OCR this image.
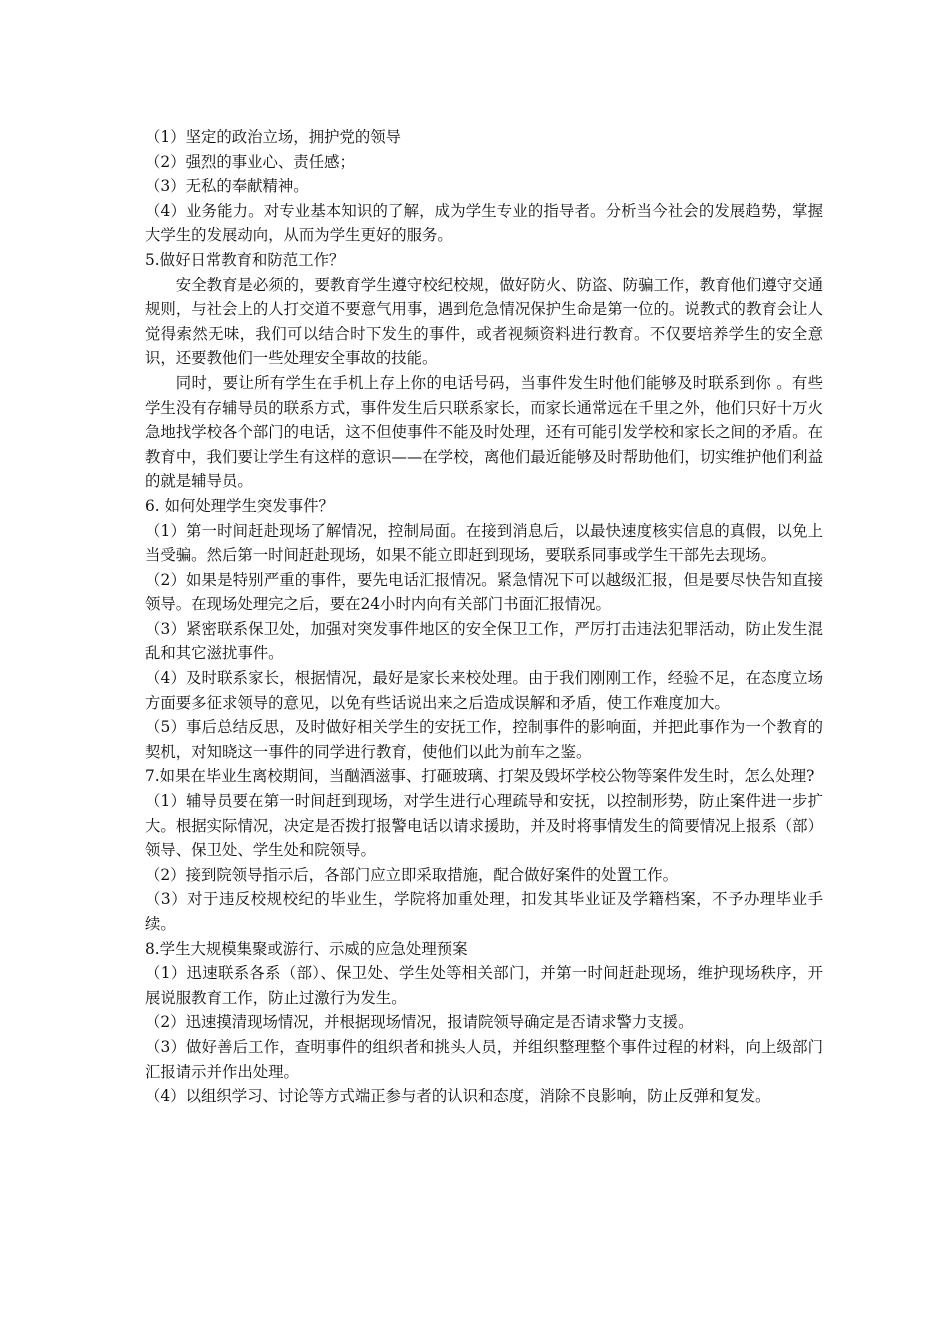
（1）坚定的政治立场，拥护党的领导

（2）强烈的事业心、责任感；

（3）无私的奉献精神。

（4）业务能力。对专业基本知识的了解，成为学生专业的指导者。分析当今社会的发展趋势，掌握大学生的发展动向，从而为学生更好的服务。

5.做好日常教育和防范工作？

安全教育是必须的，要教育学生遵守校纪校规，做好防火、防盗、防骗工作，教育他们遵守交通规则，与社会上的人打交道不要意气用事，遇到危急情况保护生命是第一位的。说教式的教育会让人觉得索然无味，我们可以结合时下发生的事件，或者视频资料进行教育。不仅要培养学生的安全意识，还要教他们一些处理安全事故的技能。

同时，要让所有学生在手机上存上你的电话号码，当事件发生时他们能够及时联系到你 。有些学生没有存辅导员的联系方式，事件发生后只联系家长，而家长通常远在千里之外，他们只好十万火急地找学校各个部门的电话，这不但使事件不能及时处理，还有可能引发学校和家长之间的矛盾。在教育中，我们要让学生有这样的意识——在学校，离他们最近能够及时帮助他们，切实维护他们利益的就是辅导员。

6. 如何处理学生突发事件？

（1）第一时间赶赴现场了解情况，控制局面。在接到消息后，以最快速度核实信息的真假，以免上当受骗。然后第一时间赶赴现场，如果不能立即赶到现场，要联系同事或学生干部先去现场。

（2）如果是特别严重的事件，要先电话汇报情况。紧急情况下可以越级汇报，但是要尽快告知直接领导。在现场处理完之后，要在24小时内向有关部门书面汇报情况。

（3）紧密联系保卫处，加强对突发事件地区的安全保卫工作，严厉打击违法犯罪活动，防止发生混乱和其它滋扰事件。

（4）及时联系家长，根据情况，最好是家长来校处理。由于我们刚刚工作，经验不足，在态度立场方面要多征求领导的意见，以免有些话说出来之后造成误解和矛盾，使工作难度加大。

（5）事后总结反思，及时做好相关学生的安抚工作，控制事件的影响面，并把此事作为一个教育的契机，对知晓这一事件的同学进行教育，使他们以此为前车之鉴。

7.如果在毕业生离校期间，当酗酒滋事、打砸玻璃、打架及毁坏学校公物等案件发生时，怎么处理?

（1）辅导员要在第一时间赶到现场，对学生进行心理疏导和安抚，以控制形势，防止案件进一步扩大。根据实际情况，决定是否拨打报警电话以请求援助，并及时将事情发生的简要情况上报系（部）领导、保卫处、学生处和院领导。

（2）接到院领导指示后，各部门应立即采取措施，配合做好案件的处置工作。

（3）对于违反校规校纪的毕业生，学院将加重处理，扣发其毕业证及学籍档案，不予办理毕业手续。

8.学生大规模集聚或游行、示威的应急处理预案

（1）迅速联系各系（部）、保卫处、学生处等相关部门，并第一时间赶赴现场，维护现场秩序，开展说服教育工作，防止过激行为发生。

（2）迅速摸清现场情况，并根据现场情况，报请院领导确定是否请求警力支援。

（3）做好善后工作，查明事件的组织者和挑头人员，并组织整理整个事件过程的材料，向上级部门汇报请示并作出处理。

（4）以组织学习、讨论等方式端正参与者的认识和态度，消除不良影响，防止反弹和复发。
